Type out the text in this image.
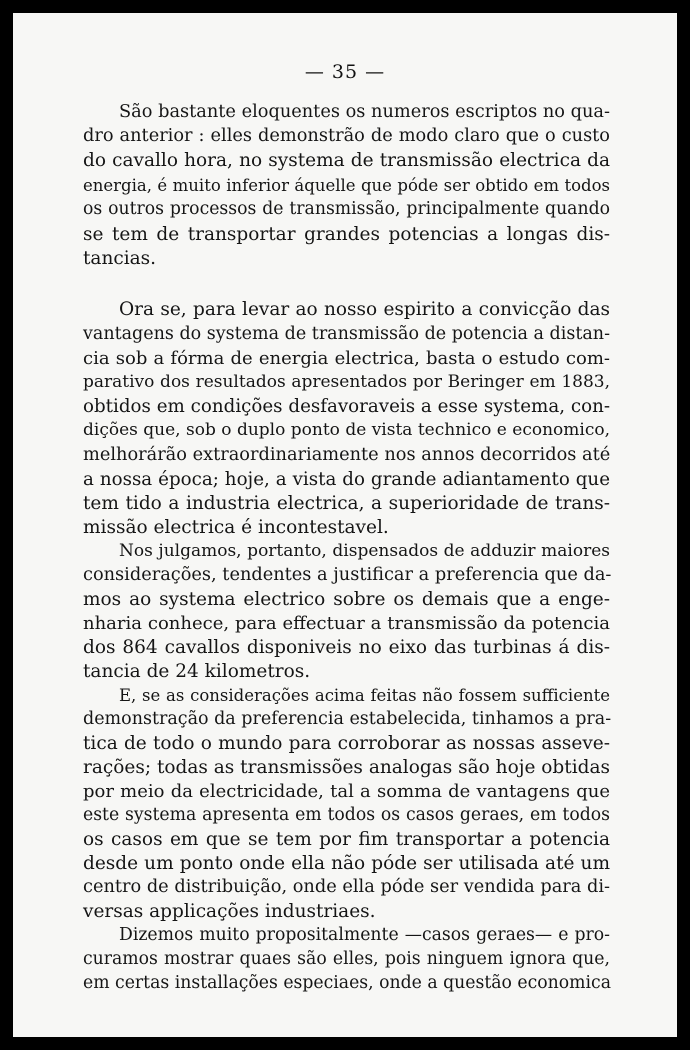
— 35 —
São bastante eloquentes os numeros escriptos no qua-
dro anterior : elles demonstrão de modo claro que o custo
do cavallo hora, no systema de transmissão electrica da
energia, é muito inferior áquelle que póde ser obtido em todos
os outros processos de transmissão, principalmente quando
se tem de transportar grandes potencias a longas dis-
tancias.
Ora se, para levar ao nosso espirito a convicção das
vantagens do systema de transmissão de potencia a distan-
cia sob a fórma de energia electrica, basta o estudo com-
parativo dos resultados apresentados por Beringer em 1883,
obtidos em condições desfavoraveis a esse systema, con-
dições que, sob o duplo ponto de vista technico e economico,
melhorárão extraordinariamente nos annos decorridos até
a nossa época; hoje, a vista do grande adiantamento que
tem tido a industria electrica, a superioridade de trans-
missão electrica é incontestavel.
Nos julgamos, portanto, dispensados de adduzir maiores
considerações, tendentes a justificar a preferencia que da-
mos ao systema electrico sobre os demais que a enge-
nharia conhece, para effectuar a transmissão da potencia
dos 864 cavallos disponiveis no eixo das turbinas á dis-
tancia de 24 kilometros.
E, se as considerações acima feitas não fossem sufficiente
demonstração da preferencia estabelecida, tinhamos a pra-
tica de todo o mundo para corroborar as nossas asseve-
rações; todas as transmissões analogas são hoje obtidas
por meio da electricidade, tal a somma de vantagens que
este systema apresenta em todos os casos geraes, em todos
os casos em que se tem por fim transportar a potencia
desde um ponto onde ella não póde ser utilisada até um
centro de distribuição, onde ella póde ser vendida para di-
versas applicações industriaes.
Dizemos muito propositalmente —casos geraes— e pro-
curamos mostrar quaes são elles, pois ninguem ignora que,
em certas installações especiaes, onde a questão economica
